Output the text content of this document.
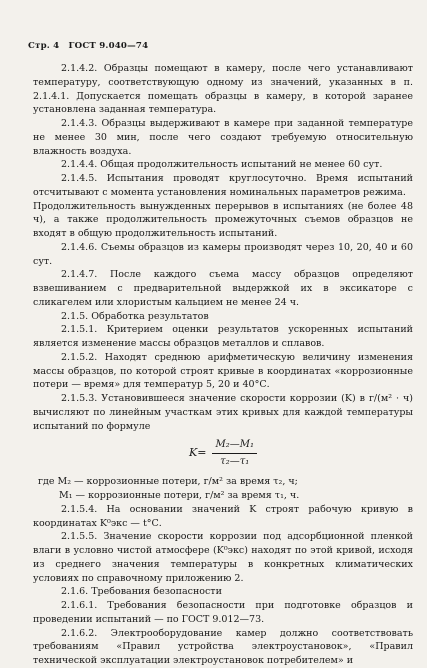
Стр. 4 ГОСТ 9.040—74

2.1.4.2. Образцы помещают в камеру, после чего устанавливают температуру, соответствующую одному из значений, указанных в п. 2.1.4.1. Допускается помещать образцы в камеру, в которой заранее установлена заданная температура.

2.1.4.3. Образцы выдерживают в камере при заданной температуре не менее 30 мин, после чего создают требуемую относительную влажность воздуха.

2.1.4.4. Общая продолжительность испытаний не менее 60 сут.

2.1.4.5. Испытания проводят круглосуточно. Время испытаний отсчитывают с момента установления номинальных параметров режима.

Продолжительность вынужденных перерывов в испытаниях (не более 48 ч), а также продолжительность промежуточных съемов образцов не входят в общую продолжительность испытаний.

2.1.4.6. Съемы образцов из камеры производят через 10, 20, 40 и 60 сут.

2.1.4.7. После каждого съема массу образцов определяют взвешиванием с предварительной выдержкой их в эксикаторе с сликагелем или хлористым кальцием не менее 24 ч.

2.1.5. Обработка результатов

2.1.5.1. Критерием оценки результатов ускоренных испытаний является изменение массы образцов металлов и сплавов.

2.1.5.2. Находят среднюю арифметическую величину изменения массы образцов, по которой строят кривые в координатах «коррозионные потери — время» для температур 5, 20 и 40°С.

2.1.5.3. Установившееся значение скорости коррозии (K) в г/(м² · ч) вычисляют по линейным участкам этих кривых для каждой температуры испытаний по формуле

$K= \frac{\text{M₂—M₁}}{\text{τ₂—τ₁}}$

где M₂ — коррозионные потери, г/м² за время τ₂, ч;

M₁ — коррозионные потери, г/м² за время τ₁, ч.

2.1.5.4. На основании значений K строят рабочую кривую в координатах K⁰экс — t°С.

2.1.5.5. Значение скорости коррозии под адсорбционной пленкой влаги в условно чистой атмосфере (K⁰экс) находят по этой кривой, исходя из среднего значения температуры в конкретных климатических условиях по справочному приложению 2.

2.1.6. Требования безопасности

2.1.6.1. Требования безопасности при подготовке образцов и проведении испытаний — по ГОСТ 9.012—73.

2.1.6.2. Электрооборудование камер должно соответствовать требованиям «Правил устройства электроустановок», «Правил технической эксплуатации электроустановок потребителем» и
